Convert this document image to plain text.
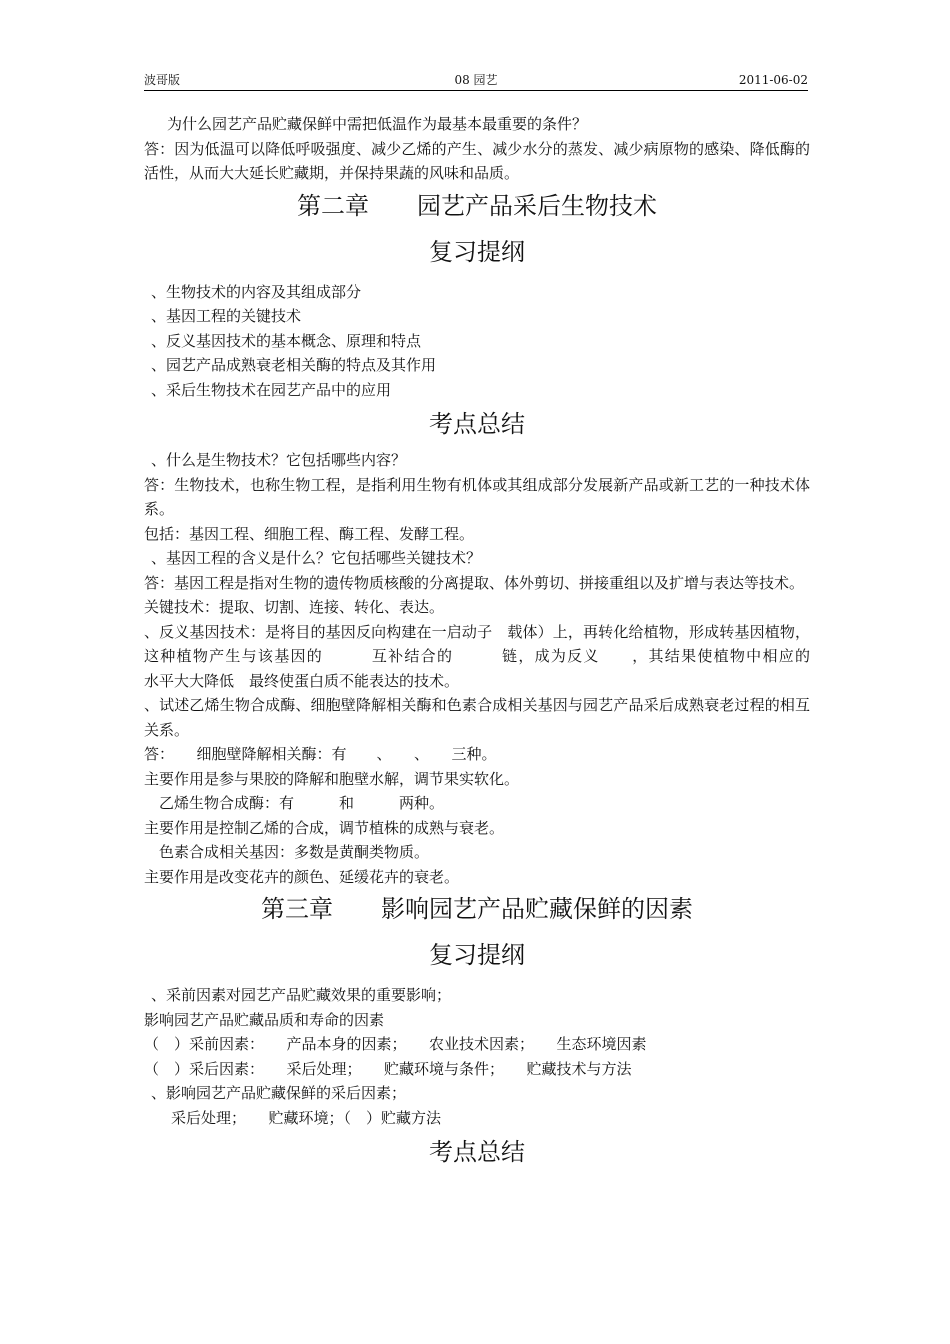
波哥版	08 园艺	2011-06-02
为什么园艺产品贮藏保鲜中需把低温作为最基本最重要的条件？
答：因为低温可以降低呼吸强度、减少乙烯的产生、减少水分的蒸发、减少病原物的感染、降低酶的活性，从而大大延长贮藏期，并保持果蔬的风味和品质。
第二章　　园艺产品采后生物技术
复习提纲
、生物技术的内容及其组成部分
、基因工程的关键技术
、反义基因技术的基本概念、原理和特点
、园艺产品成熟衰老相关酶的特点及其作用
、采后生物技术在园艺产品中的应用
考点总结
、什么是生物技术？它包括哪些内容？
答：生物技术，也称生物工程，是指利用生物有机体或其组成部分发展新产品或新工艺的一种技术体系。
包括：基因工程、细胞工程、酶工程、发酵工程。
、基因工程的含义是什么？它包括哪些关键技术？
答：基因工程是指对生物的遗传物质核酸的分离提取、体外剪切、拼接重组以及扩增与表达等技术。
关键技术：提取、切割、连接、转化、表达。
、反义基因技术：是将目的基因反向构建在一启动子　载体）上，再转化给植物，形成转基因植物，这种植物产生与该基因的　　　互补结合的　　　链，成为反义　　，其结果使植物中相应的　　　水平大大降低　最终使蛋白质不能表达的技术。
、试述乙烯生物合成酶、细胞壁降解相关酶和色素合成相关基因与园艺产品采后成熟衰老过程的相互关系。
答：　　细胞壁降解相关酶：有　　、　　、　　三种。
主要作用是参与果胶的降解和胞壁水解，调节果实软化。
乙烯生物合成酶：有　　　和　　　两种。
主要作用是控制乙烯的合成，调节植株的成熟与衰老。
色素合成相关基因：多数是黄酮类物质。
主要作用是改变花卉的颜色、延缓花卉的衰老。
第三章　　影响园艺产品贮藏保鲜的因素
复习提纲
、采前因素对园艺产品贮藏效果的重要影响；
影响园艺产品贮藏品质和寿命的因素
（　）采前因素：　　产品本身的因素；　　农业技术因素；　　生态环境因素
（　）采后因素：　　采后处理；　　贮藏环境与条件；　　贮藏技术与方法
、影响园艺产品贮藏保鲜的采后因素；
采后处理；　　贮藏环境；（　）贮藏方法
考点总结
